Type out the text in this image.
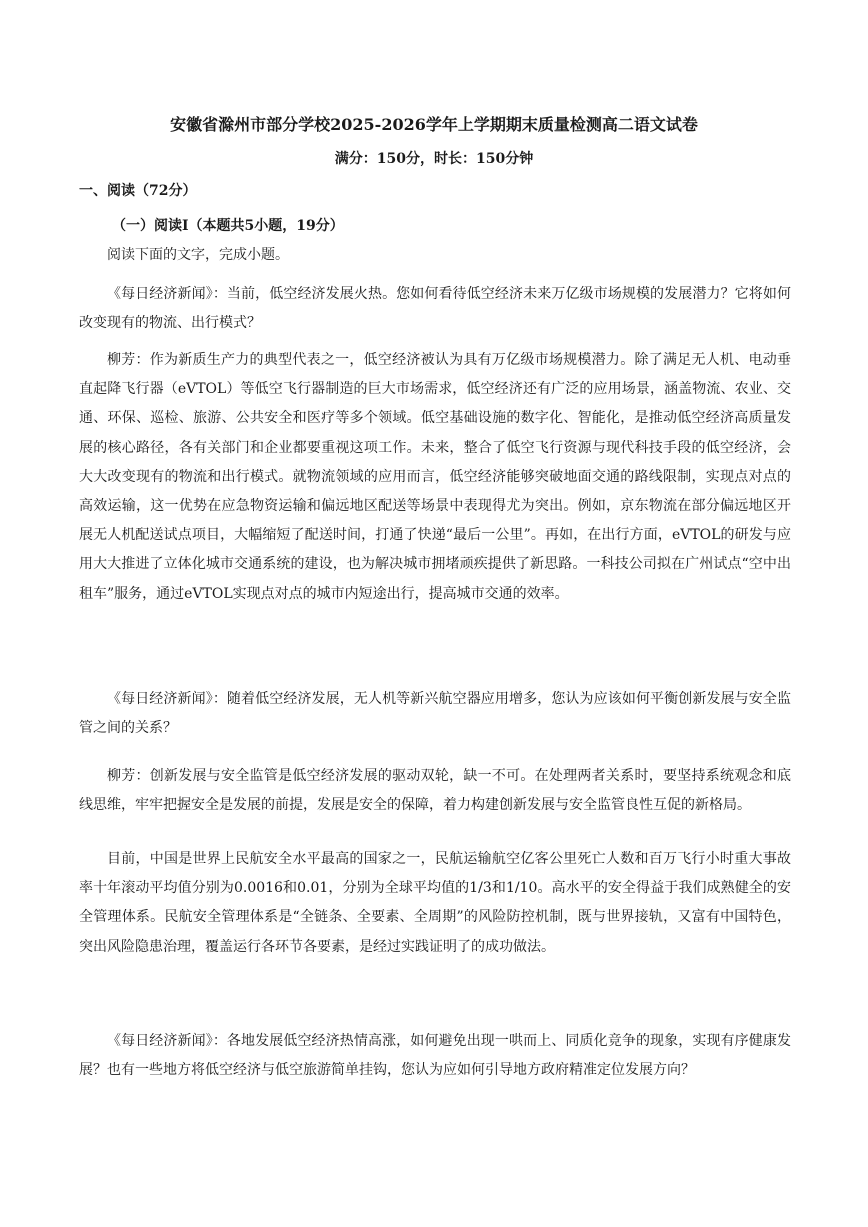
安徽省滁州市部分学校2025-2026学年上学期期末质量检测高二语文试卷
满分：150分，时长：150分钟
一、阅读（72分）
（一）阅读Ⅰ（本题共5小题，19分）
阅读下面的文字，完成小题。
《每日经济新闻》：当前，低空经济发展火热。您如何看待低空经济未来万亿级市场规模的发展潜力？它将如何改变现有的物流、出行模式？
柳芳：作为新质生产力的典型代表之一，低空经济被认为具有万亿级市场规模潜力。除了满足无人机、电动垂直起降飞行器（eVTOL）等低空飞行器制造的巨大市场需求，低空经济还有广泛的应用场景，涵盖物流、农业、交通、环保、巡检、旅游、公共安全和医疗等多个领域。低空基础设施的数字化、智能化，是推动低空经济高质量发展的核心路径，各有关部门和企业都要重视这项工作。未来，整合了低空飞行资源与现代科技手段的低空经济，会大大改变现有的物流和出行模式。就物流领域的应用而言，低空经济能够突破地面交通的路线限制，实现点对点的高效运输，这一优势在应急物资运输和偏远地区配送等场景中表现得尤为突出。例如，京东物流在部分偏远地区开展无人机配送试点项目，大幅缩短了配送时间，打通了快递“最后一公里”。再如，在出行方面，eVTOL的研发与应用大大推进了立体化城市交通系统的建设，也为解决城市拥堵顽疾提供了新思路。一科技公司拟在广州试点“空中出租车”服务，通过eVTOL实现点对点的城市内短途出行，提高城市交通的效率。
《每日经济新闻》：随着低空经济发展，无人机等新兴航空器应用增多，您认为应该如何平衡创新发展与安全监管之间的关系？
柳芳：创新发展与安全监管是低空经济发展的驱动双轮，缺一不可。在处理两者关系时，要坚持系统观念和底线思维，牢牢把握安全是发展的前提，发展是安全的保障，着力构建创新发展与安全监管良性互促的新格局。
目前，中国是世界上民航安全水平最高的国家之一，民航运输航空亿客公里死亡人数和百万飞行小时重大事故率十年滚动平均值分别为0.0016和0.01，分别为全球平均值的1/3和1/10。高水平的安全得益于我们成熟健全的安全管理体系。民航安全管理体系是“全链条、全要素、全周期”的风险防控机制，既与世界接轨，又富有中国特色，突出风险隐患治理，覆盖运行各环节各要素，是经过实践证明了的成功做法。
《每日经济新闻》：各地发展低空经济热情高涨，如何避免出现一哄而上、同质化竞争的现象，实现有序健康发展？也有一些地方将低空经济与低空旅游简单挂钩，您认为应如何引导地方政府精准定位发展方向？
